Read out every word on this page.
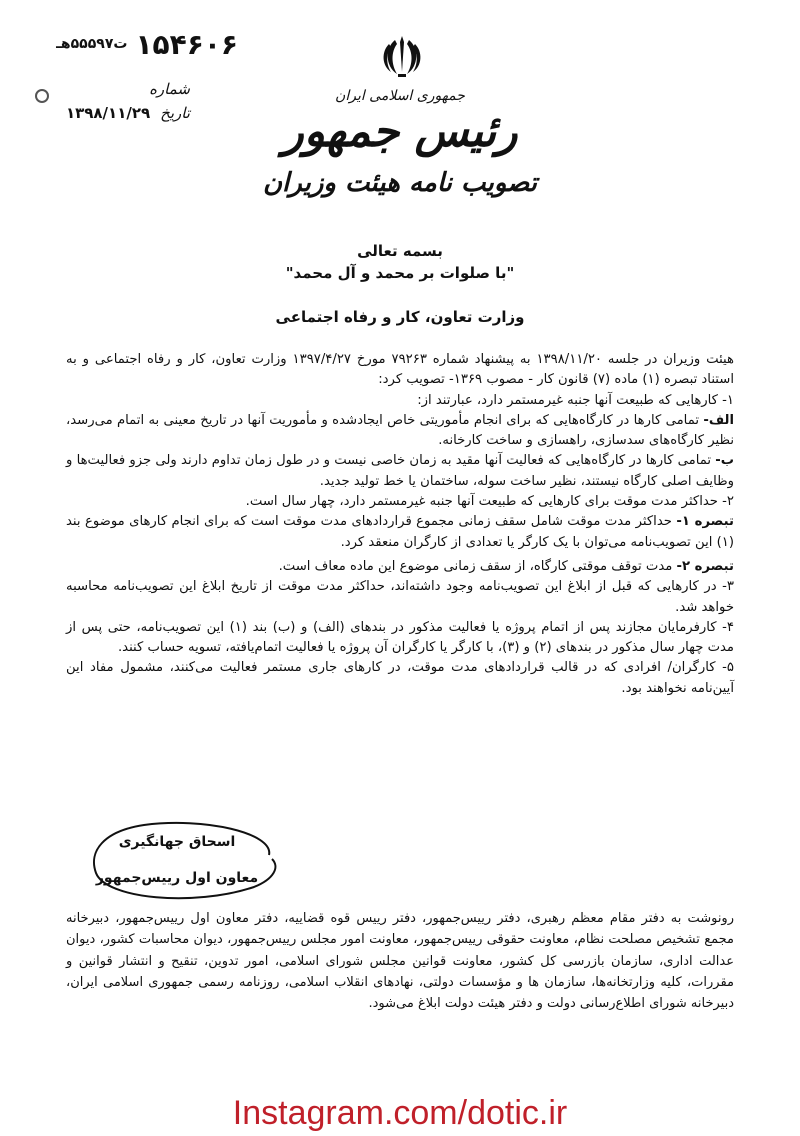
۱۵۴۶۰۶
ت۵۵۵۹۷هـ
شماره
تاریخ
۱۳۹۸/۱۱/۲۹
جمهوری اسلامی ایران
رئیس جمهور
تصویب نامه هیئت وزیران
بسمه تعالی
"با صلوات بر محمد و آل محمد"
وزارت تعاون، کار و رفاه اجتماعی

هیئت وزیران در جلسه ۱۳۹۸/۱۱/۲۰ به پیشنهاد شماره ۷۹۲۶۳ مورخ ۱۳۹۷/۴/۲۷ وزارت تعاون، کار و رفاه اجتماعی و به استناد تبصره (۱) ماده (۷) قانون کار - مصوب ۱۳۶۹- تصویب کرد:

۱- کارهایی که طبیعت آنها جنبه غیرمستمر دارد، عبارتند از:

الف- تمامی کارها در کارگاه‌هایی که برای انجام مأموریتی خاص ایجادشده و مأموریت آنها در تاریخ معینی به اتمام می‌رسد، نظیر کارگاه‌های سدسازی، راهسازی و ساخت کارخانه.

ب- تمامی کارها در کارگاه‌هایی که فعالیت آنها مقید به زمان خاصی نیست و در طول زمان تداوم دارند ولی جزو فعالیت‌ها و وظایف اصلی کارگاه نیستند، نظیر ساخت سوله، ساختمان یا خط تولید جدید.

۲- حداکثر مدت موقت برای کارهایی که طبیعت آنها جنبه غیرمستمر دارد، چهار سال است.

تبصره ۱- حداکثر مدت موقت شامل سقف زمانی مجموع قراردادهای مدت موقت است که برای انجام کارهای موضوع بند (۱) این تصویب‌نامه می‌توان با یک کارگر یا تعدادی از کارگران منعقد کرد.

تبصره ۲- مدت توقف موقتی کارگاه، از سقف زمانی موضوع این ماده معاف است.

۳- در کارهایی که قبل از ابلاغ این تصویب‌نامه وجود داشته‌اند، حداکثر مدت موقت از تاریخ ابلاغ این تصویب‌نامه محاسبه خواهد شد.

۴- کارفرمایان مجازند پس از اتمام پروژه یا فعالیت مذکور در بندهای (الف) و (ب) بند (۱) این تصویب‌نامه، حتی پس از مدت چهار سال مذکور در بندهای (۲) و (۳)، با کارگر یا کارگران آن پروژه یا فعالیت اتمام‌یافته، تسویه حساب کنند.

۵- کارگران/ افرادی که در قالب قراردادهای مدت موقت، در کارهای جاری مستمر فعالیت می‌کنند، مشمول مفاد این آیین‌نامه نخواهند بود.

اسحاق جهانگیری
معاون اول رییس‌جمهور
رونوشت به دفتر مقام معظم رهبری، دفتر رییس‌جمهور، دفتر رییس قوه قضاییه، دفتر معاون اول رییس‌جمهور، دبیرخانه مجمع تشخیص مصلحت نظام، معاونت حقوقی رییس‌جمهور، معاونت امور مجلس رییس‌جمهور، دیوان محاسبات کشور، دیوان عدالت اداری، سازمان بازرسی کل کشور، معاونت قوانین مجلس شورای اسلامی، امور تدوین، تنقیح و انتشار قوانین و مقررات، کلیه وزارتخانه‌ها، سازمان ها و مؤسسات دولتی، نهادهای انقلاب اسلامی، روزنامه رسمی جمهوری اسلامی ایران، دبیرخانه شورای اطلاع‌رسانی دولت و دفتر هیئت دولت ابلاغ می‌شود.
Instagram.com/dotic.ir
